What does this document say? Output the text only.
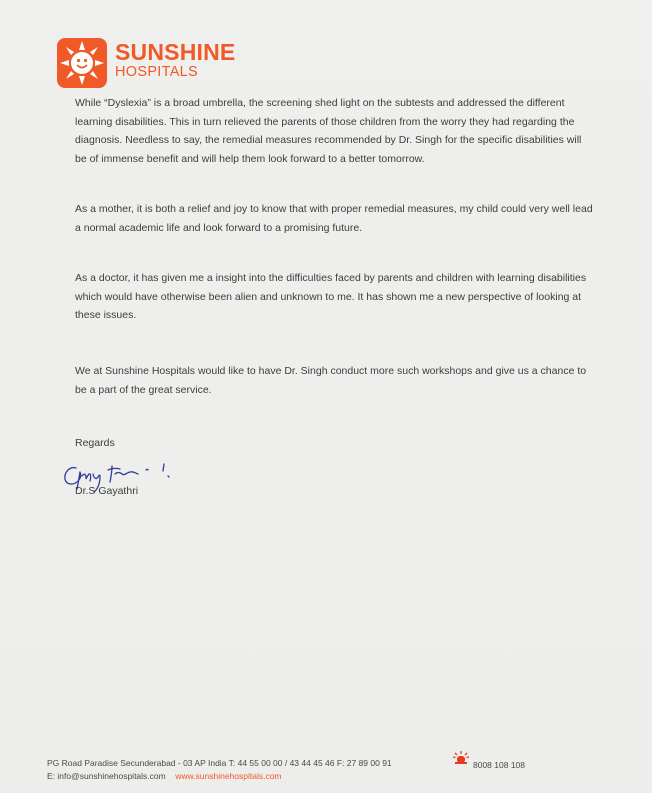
SUNSHINE
HOSPITALS

While “Dyslexia” is a broad umbrella, the screening shed light on the subtests and addressed the different learning disabilities. This in turn relieved the parents of those children from the worry they had regarding the diagnosis. Needless to say, the remedial measures recommended by Dr. Singh for the specific disabilities will be of immense benefit and will help them look forward to a better tomorrow.

As a mother, it is both a relief and joy to know that with proper remedial measures, my child could very well lead a normal academic life and look forward to a promising future.

As a doctor, it has given me a insight into the difficulties faced by parents and children with learning disabilities which would have otherwise been alien and unknown to me. It has shown me a new perspective of looking at these issues.

We at Sunshine Hospitals would like to have Dr. Singh conduct more such workshops and give us a chance to be a part of the great service.

Regards
Dr.S Gayathri
PG Road Paradise Secunderabad - 03 AP India T: 44 55 00 00 / 43 44 45 46 F: 27 89 00 91	8008 108 108
E: info@sunshinehospitals.com www.sunshinehospitals.com
